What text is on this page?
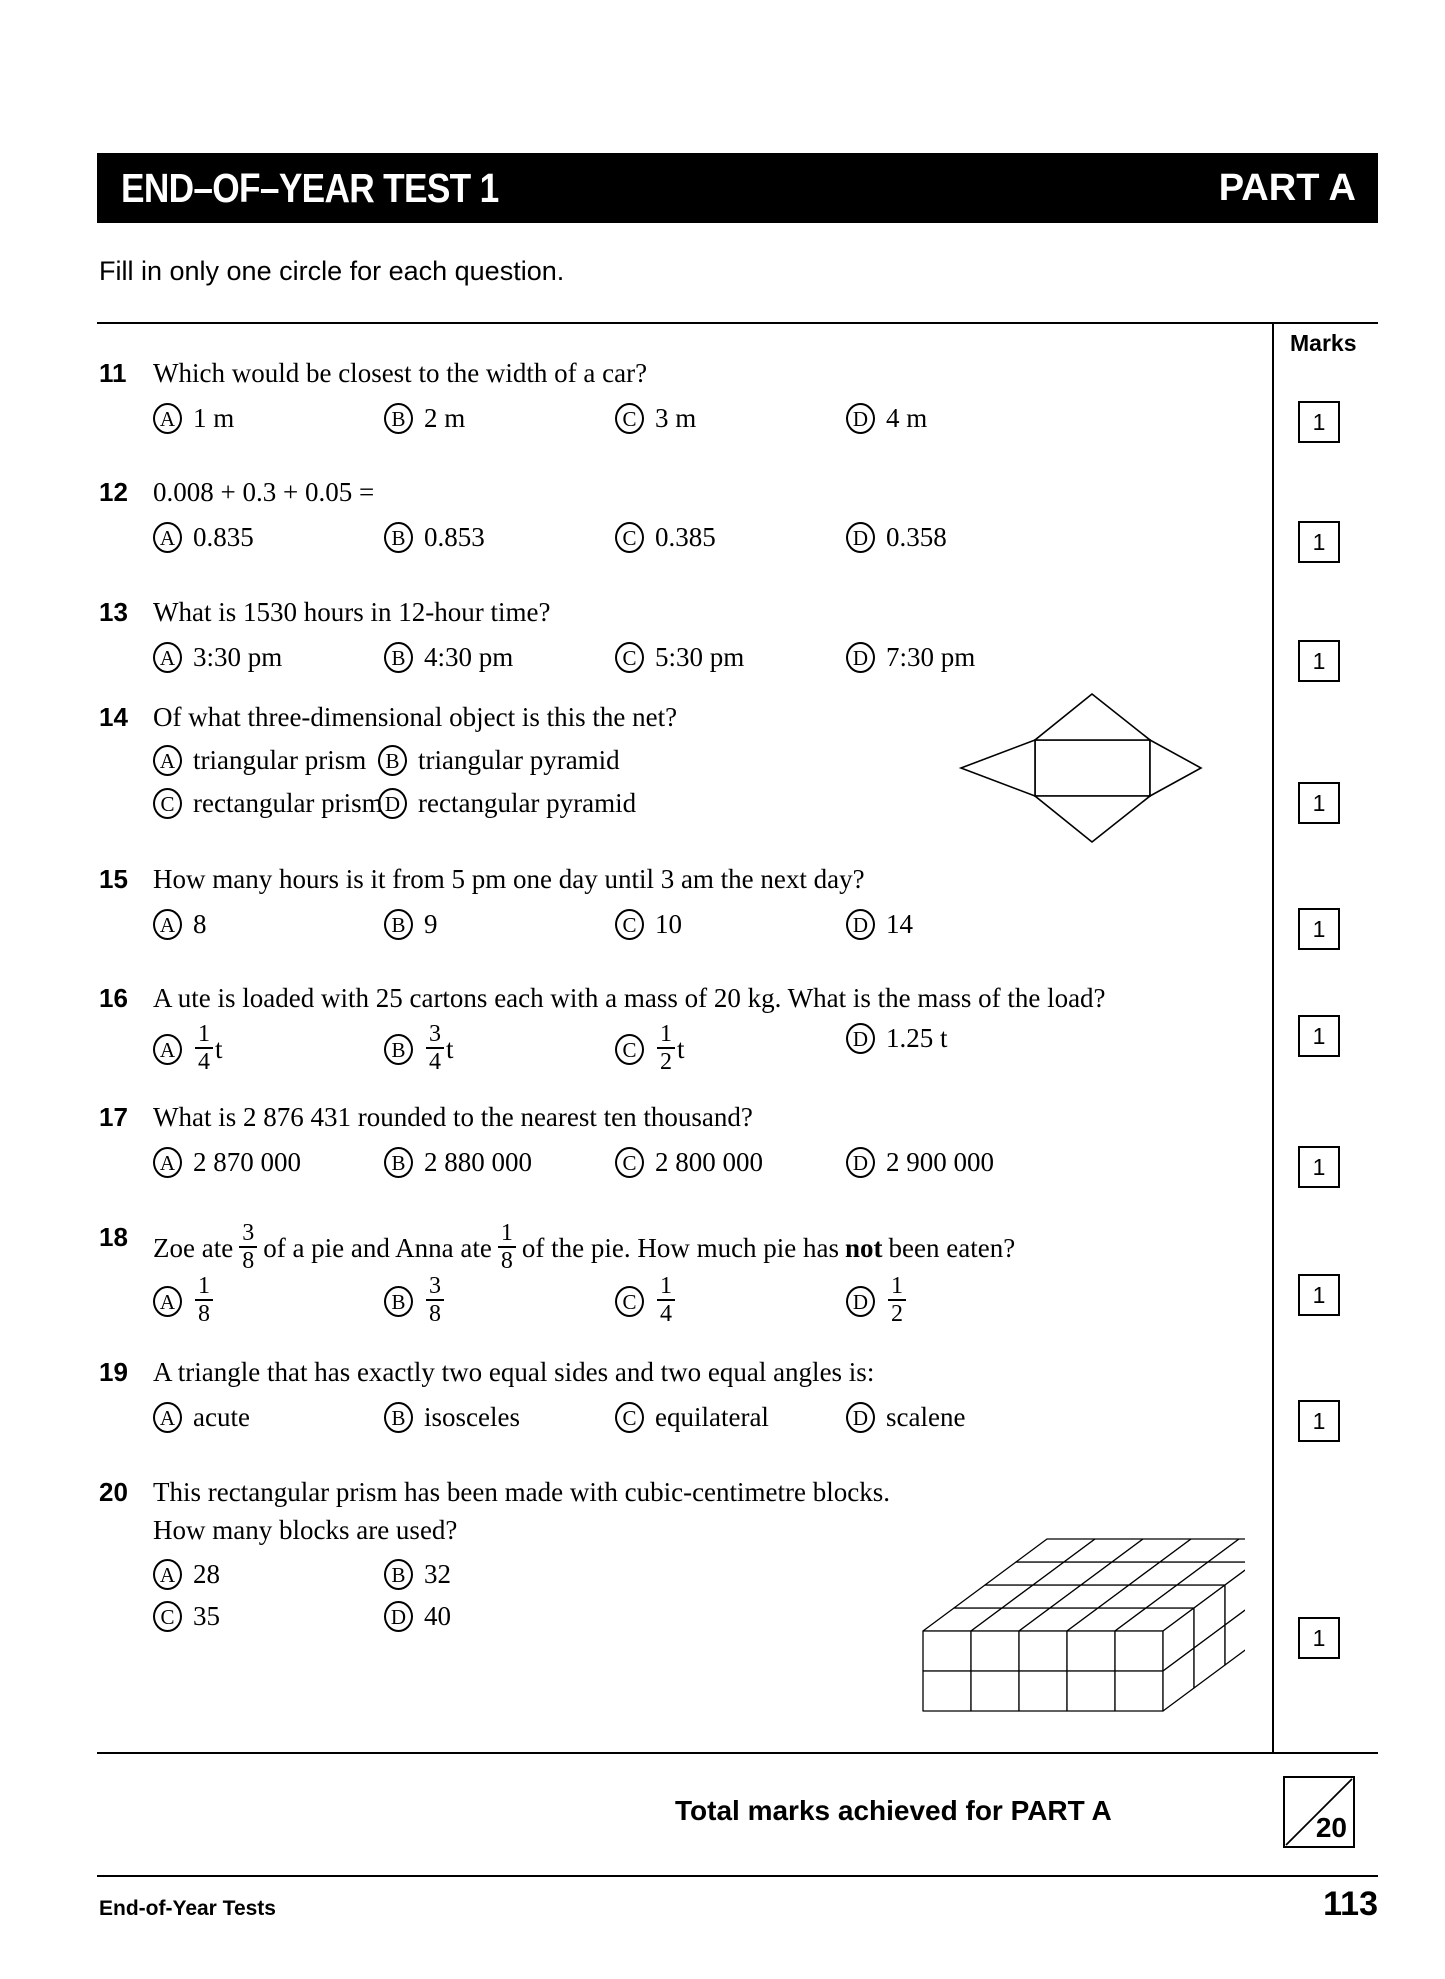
END–OF–YEAR TEST 1	PART A
Fill in only one circle for each question.
Marks
11 Which would be closest to the width of a car?
A 1 m	B 2 m	C 3 m	D 4 m	1
12 0.008 + 0.3 + 0.05 =
A 0.835	B 0.853	C 0.385	D 0.358	1
13 What is 1530 hours in 12-hour time?
A 3:30 pm	B 4:30 pm	C 5:30 pm	D 7:30 pm	1
14 Of what three-dimensional object is this the net?
A triangular prism B triangular pyramid
C rectangular prism D rectangular pyramid	1
15 How many hours is it from 5 pm one day until 3 am the next day?
A 8	B 9	C 10	D 14	1
16 A ute is loaded with 25 cartons each with a mass of 20 kg. What is the mass of the load?
A $\frac{1}{4}$ t	B $\frac{3}{4}$ t	C $\frac{1}{2}$ t	D 1.25 t	1
17 What is 2 876 431 rounded to the nearest ten thousand?
A 2 870 000	B 2 880 000	C 2 800 000	D 2 900 000	1
18 Zoe ate $\frac{3}{8}$ of a pie and Anna ate $\frac{1}{8}$ of the pie. How much pie has not been eaten?
A $\frac{1}{8}$	B $\frac{3}{8}$	C $\frac{1}{4}$	D $\frac{1}{2}$	1
19 A triangle that has exactly two equal sides and two equal angles is:
A acute	B isosceles	C equilateral	D scalene	1
20 This rectangular prism has been made with cubic-centimetre blocks.
How many blocks are used?
A 28	B 32
C 35	D 40
1
Total marks achieved for PART A
20
End-of-Year Tests	113
